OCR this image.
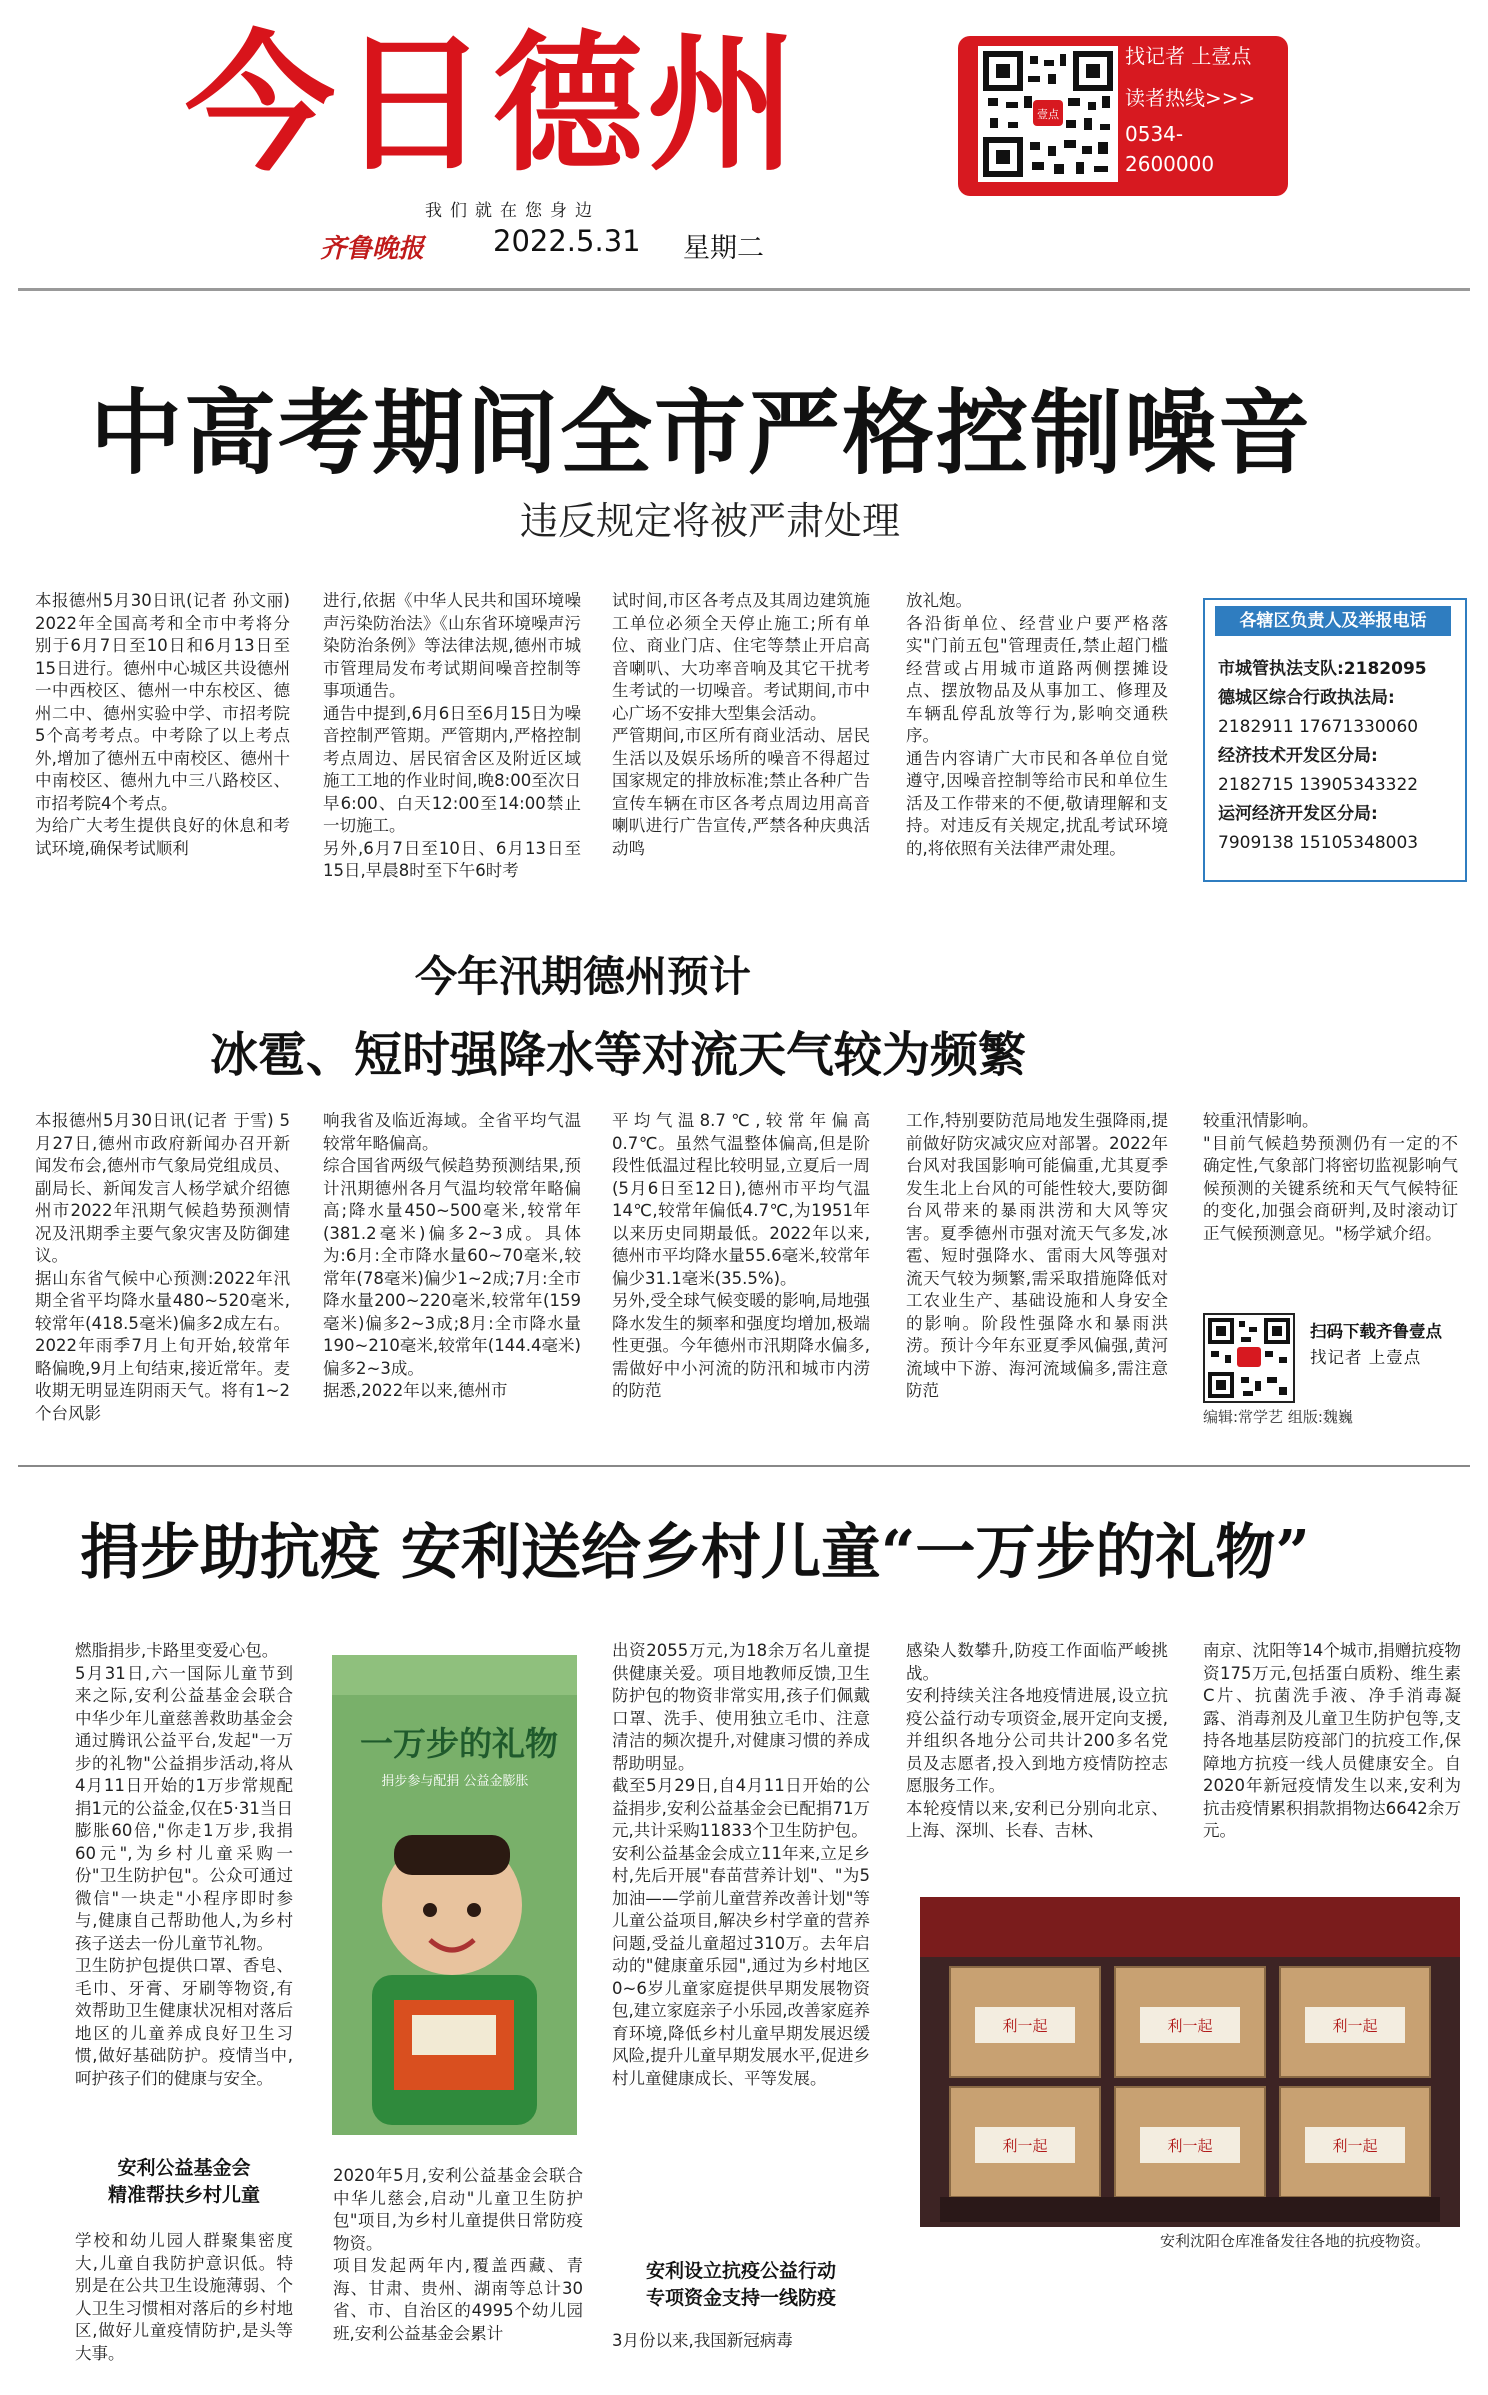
今日德州
我们就在您身边
齐鲁晚报 2022.5.31 星期二
壹点
找记者 上壹点
读者热线>>>
0534-
2600000
中高考期间全市严格控制噪音
违反规定将被严肃处理
本报德州5月30日讯(记者 孙文丽) 2022年全国高考和全市中考将分别于6月7日至10日和6月13日至15日进行。德州中心城区共设德州一中西校区、德州一中东校区、德州二中、德州实验中学、市招考院5个高考考点。中考除了以上考点外,增加了德州五中南校区、德州十中南校区、德州九中三八路校区、市招考院4个考点。
为给广大考生提供良好的休息和考试环境,确保考试顺利
进行,依据《中华人民共和国环境噪声污染防治法》《山东省环境噪声污染防治条例》等法律法规,德州市城市管理局发布考试期间噪音控制等事项通告。
通告中提到,6月6日至6月15日为噪音控制严管期。严管期内,严格控制考点周边、居民宿舍区及附近区域施工工地的作业时间,晚8:00至次日早6:00、白天12:00至14:00禁止一切施工。
另外,6月7日至10日、6月13日至15日,早晨8时至下午6时考
试时间,市区各考点及其周边建筑施工单位必须全天停止施工;所有单位、商业门店、住宅等禁止开启高音喇叭、大功率音响及其它干扰考生考试的一切噪音。考试期间,市中心广场不安排大型集会活动。
严管期间,市区所有商业活动、居民生活以及娱乐场所的噪音不得超过国家规定的排放标准;禁止各种广告宣传车辆在市区各考点周边用高音喇叭进行广告宣传,严禁各种庆典活动鸣
放礼炮。
各沿街单位、经营业户要严格落实"门前五包"管理责任,禁止超门槛经营或占用城市道路两侧摆摊设点、摆放物品及从事加工、修理及车辆乱停乱放等行为,影响交通秩序。
通告内容请广大市民和各单位自觉遵守,因噪音控制等给市民和单位生活及工作带来的不便,敬请理解和支持。对违反有关规定,扰乱考试环境的,将依照有关法律严肃处理。
各辖区负责人及举报电话
市城管执法支队:2182095
德城区综合行政执法局:
2182911 17671330060
经济技术开发区分局:
2182715 13905343322
运河经济开发区分局:
7909138 15105348003
今年汛期德州预计
冰雹、短时强降水等对流天气较为频繁
本报德州5月30日讯(记者 于雪) 5月27日,德州市政府新闻办召开新闻发布会,德州市气象局党组成员、副局长、新闻发言人杨学斌介绍德州市2022年汛期气候趋势预测情况及汛期季主要气象灾害及防御建议。
据山东省气候中心预测:2022年汛期全省平均降水量480~520毫米,较常年(418.5毫米)偏多2成左右。2022年雨季7月上旬开始,较常年略偏晚,9月上旬结束,接近常年。麦收期无明显连阴雨天气。将有1~2个台风影
响我省及临近海域。全省平均气温较常年略偏高。
综合国省两级气候趋势预测结果,预计汛期德州各月气温均较常年略偏高;降水量450~500毫米,较常年(381.2毫米)偏多2~3成。具体为:6月:全市降水量60~70毫米,较常年(78毫米)偏少1~2成;7月:全市降水量200~220毫米,较常年(159毫米)偏多2~3成;8月:全市降水量190~210毫米,较常年(144.4毫米)偏多2~3成。
据悉,2022年以来,德州市
平均气温8.7℃,较常年偏高0.7℃。虽然气温整体偏高,但是阶段性低温过程比较明显,立夏后一周(5月6日至12日),德州市平均气温14℃,较常年偏低4.7℃,为1951年以来历史同期最低。2022年以来,德州市平均降水量55.6毫米,较常年偏少31.1毫米(35.5%)。
另外,受全球气候变暖的影响,局地强降水发生的频率和强度均增加,极端性更强。今年德州市汛期降水偏多,需做好中小河流的防汛和城市内涝的防范
工作,特别要防范局地发生强降雨,提前做好防灾减灾应对部署。2022年台风对我国影响可能偏重,尤其夏季发生北上台风的可能性较大,要防御台风带来的暴雨洪涝和大风等灾害。夏季德州市强对流天气多发,冰雹、短时强降水、雷雨大风等强对流天气较为频繁,需采取措施降低对工农业生产、基础设施和人身安全的影响。阶段性强降水和暴雨洪涝。预计今年东亚夏季风偏强,黄河流域中下游、海河流域偏多,需注意防范
较重汛情影响。
"目前气候趋势预测仍有一定的不确定性,气象部门将密切监视影响气候预测的关键系统和天气气候特征的变化,加强会商研判,及时滚动订正气候预测意见。"杨学斌介绍。
扫码下载齐鲁壹点
找记者 上壹点
编辑:常学艺 组版:魏巍
捐步助抗疫 安利送给乡村儿童“一万步的礼物”
燃脂捐步,卡路里变爱心包。
5月31日,六一国际儿童节到来之际,安利公益基金会联合中华少年儿童慈善救助基金会通过腾讯公益平台,发起"一万步的礼物"公益捐步活动,将从4月11日开始的1万步常规配捐1元的公益金,仅在5·31当日膨胀60倍,"你走1万步,我捐60元",为乡村儿童采购一份"卫生防护包"。公众可通过微信"一块走"小程序即时参与,健康自己帮助他人,为乡村孩子送去一份儿童节礼物。
卫生防护包提供口罩、香皂、毛巾、牙膏、牙刷等物资,有效帮助卫生健康状况相对落后地区的儿童养成良好卫生习惯,做好基础防护。疫情当中,呵护孩子们的健康与安全。
安利公益基金会
精准帮扶乡村儿童
学校和幼儿园人群聚集密度大,儿童自我防护意识低。特别是在公共卫生设施薄弱、个人卫生习惯相对落后的乡村地区,做好儿童疫情防护,是头等大事。
一万步的礼物
捐步参与配捐 公益金膨胀
2020年5月,安利公益基金会联合中华儿慈会,启动"儿童卫生防护包"项目,为乡村儿童提供日常防疫物资。
项目发起两年内,覆盖西藏、青海、甘肃、贵州、湖南等总计30省、市、自治区的4995个幼儿园班,安利公益基金会累计
出资2055万元,为18余万名儿童提供健康关爱。项目地教师反馈,卫生防护包的物资非常实用,孩子们佩戴口罩、洗手、使用独立毛巾、注意清洁的频次提升,对健康习惯的养成帮助明显。
截至5月29日,自4月11日开始的公益捐步,安利公益基金会已配捐71万元,共计采购11833个卫生防护包。
安利公益基金会成立11年来,立足乡村,先后开展"春苗营养计划"、"为5加油——学前儿童营养改善计划"等儿童公益项目,解决乡村学童的营养问题,受益儿童超过310万。去年启动的"健康童乐园",通过为乡村地区0~6岁儿童家庭提供早期发展物资包,建立家庭亲子小乐园,改善家庭养育环境,降低乡村儿童早期发展迟缓风险,提升儿童早期发展水平,促进乡村儿童健康成长、平等发展。
安利设立抗疫公益行动
专项资金支持一线防疫
3月份以来,我国新冠病毒
感染人数攀升,防疫工作面临严峻挑战。
安利持续关注各地疫情进展,设立抗疫公益行动专项资金,展开定向支援,并组织各地分公司共计200多名党员及志愿者,投入到地方疫情防控志愿服务工作。
本轮疫情以来,安利已分别向北京、上海、深圳、长春、吉林、
南京、沈阳等14个城市,捐赠抗疫物资175万元,包括蛋白质粉、维生素C片、抗菌洗手液、净手消毒凝露、消毒剂及儿童卫生防护包等,支持各地基层防疫部门的抗疫工作,保障地方抗疫一线人员健康安全。自2020年新冠疫情发生以来,安利为抗击疫情累积捐款捐物达6642余万元。
利一起	利一起	利一起
利一起	利一起	利一起
安利沈阳仓库准备发往各地的抗疫物资。
